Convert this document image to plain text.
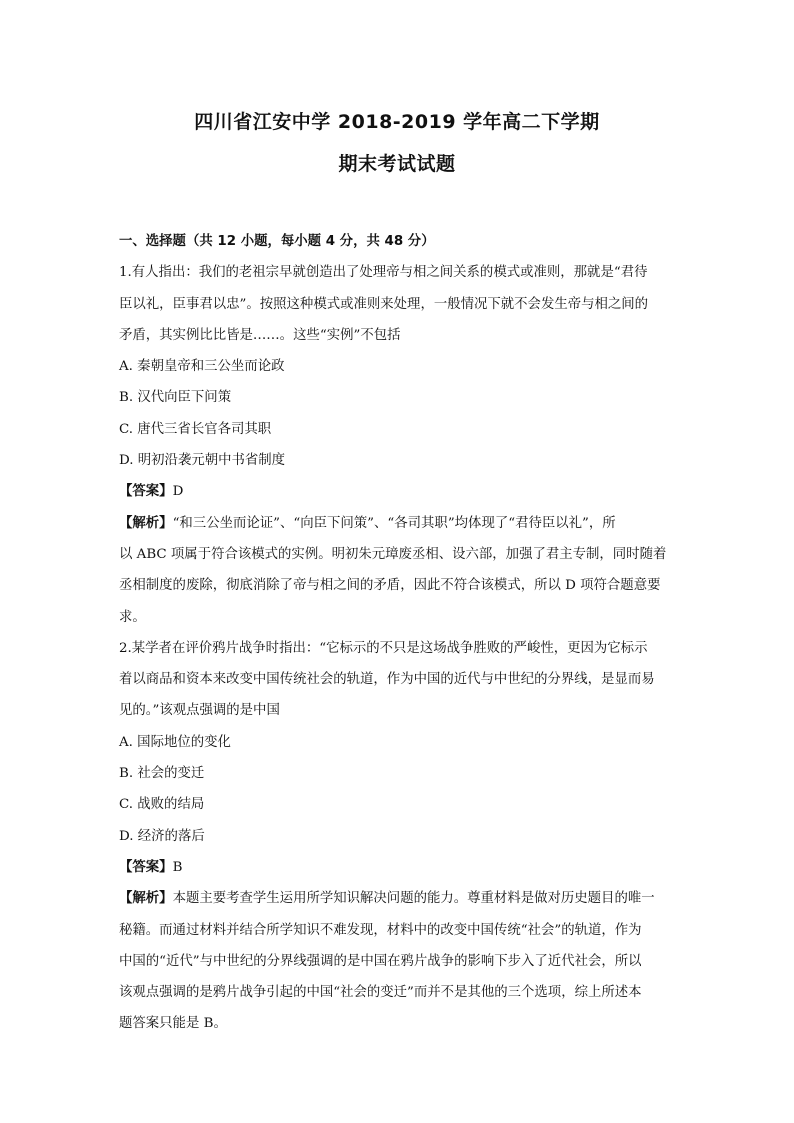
四川省江安中学 2018-2019 学年高二下学期
期末考试试题
一、选择题（共 12 小题，每小题 4 分，共 48 分）
1.有人指出：我们的老祖宗早就创造出了处理帝与相之间关系的模式或准则，那就是“君待
臣以礼，臣事君以忠”。按照这种模式或准则来处理，一般情况下就不会发生帝与相之间的
矛盾，其实例比比皆是……。这些“实例”不包括
A. 秦朝皇帝和三公坐而论政
B. 汉代向臣下问策
C. 唐代三省长官各司其职
D. 明初沿袭元朝中书省制度
【答案】D
【解析】“和三公坐而论证”、“向臣下问策”、“各司其职”均体现了“君待臣以礼”，所
以 ABC 项属于符合该模式的实例。明初朱元璋废丞相、设六部，加强了君主专制，同时随着
丞相制度的废除，彻底消除了帝与相之间的矛盾，因此不符合该模式，所以 D 项符合题意要
求。
2.某学者在评价鸦片战争时指出：“它标示的不只是这场战争胜败的严峻性，更因为它标示
着以商品和资本来改变中国传统社会的轨道，作为中国的近代与中世纪的分界线，是显而易
见的。”该观点强调的是中国
A. 国际地位的变化
B. 社会的变迁
C. 战败的结局
D. 经济的落后
【答案】B
【解析】本题主要考查学生运用所学知识解决问题的能力。尊重材料是做对历史题目的唯一
秘籍。而通过材料并结合所学知识不难发现，材料中的改变中国传统“社会”的轨道，作为
中国的“近代”与中世纪的分界线强调的是中国在鸦片战争的影响下步入了近代社会，所以
该观点强调的是鸦片战争引起的中国“社会的变迁”而并不是其他的三个选项，综上所述本
题答案只能是 B。
